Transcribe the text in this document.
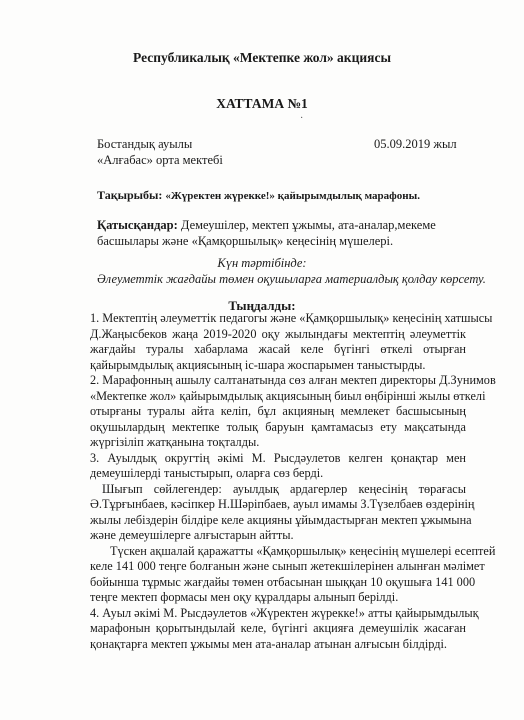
Республикалық «Мектепке жол» акциясы
ХАТТАМА №1
·
Бостандық ауылы
«Алғабас» орта мектебі
05.09.2019 жыл
Тақырыбы: «Жүректен жүрекке!» қайырымдылық марафоны.
Қатысқандар: Демеушілер, мектеп ұжымы, ата-аналар,мекеме басшылары және «Қамқоршылық» кеңесінің мүшелері.
Күн тәртібінде:
Әлеуметтік жағдайы төмен оқушыларға материалдық қолдау көрсету.
Тыңдалды:
1. Мектептің әлеуметтік педагогы және «Қамқоршылық» кеңесінің хатшысы
Д.Жаңысбеков жаңа 2019-2020 оқу жылындағы мектептің әлеуметтік
жағдайы туралы хабарлама жасай келе бүгінгі өткелі отырған
қайырымдылық акциясының іс-шара жоспарымен таныстырды.
2. Марафонның ашылу салтанатында сөз алған мектеп директоры Д.Зунимов
«Мектепке жол» қайырымдылық акциясының биыл өңбірінші жылы өткелі
отырғаны туралы айта келіп, бұл акцияның мемлекет басшысының
оқушылардың мектепке толық баруын қамтамасыз ету мақсатында
жүргізіліп жатқанына тоқталды.
3. Ауылдық округтің әкімі М. Рысдәулетов келген қонақтар мен
демеушілерді таныстырып, оларға сөз берді.
Шығып сөйлегендер: ауылдық ардагерлер кеңесінің төрағасы
Ә.Тұрғынбаев, кәсіпкер Н.Шәріпбаев, ауыл имамы З.Түзелбаев өздерінің
жылы лебіздерін білдіре келе акцияны ұйымдастырған мектеп ұжымына
және демеушілерге алғыстарын айтты.
Түскен ақшалай қаражатты «Қамқоршылық» кеңесінің мүшелері есептей
келе 141 000 теңге болғанын және сынып жетекшілерінен алынған мәлімет
бойынша тұрмыс жағдайы төмен отбасынан шыққан 10 оқушыға 141 000
теңге мектеп формасы мен оқу құралдары алынып берілді.
4. Ауыл әкімі М. Рысдәулетов «Жүректен жүрекке!» атты қайырымдылық
марафонын қорытындылай келе, бүгінгі акцияға демеушілік жасаған
қонақтарға мектеп ұжымы мен ата-аналар атынан алғысын білдірді.
